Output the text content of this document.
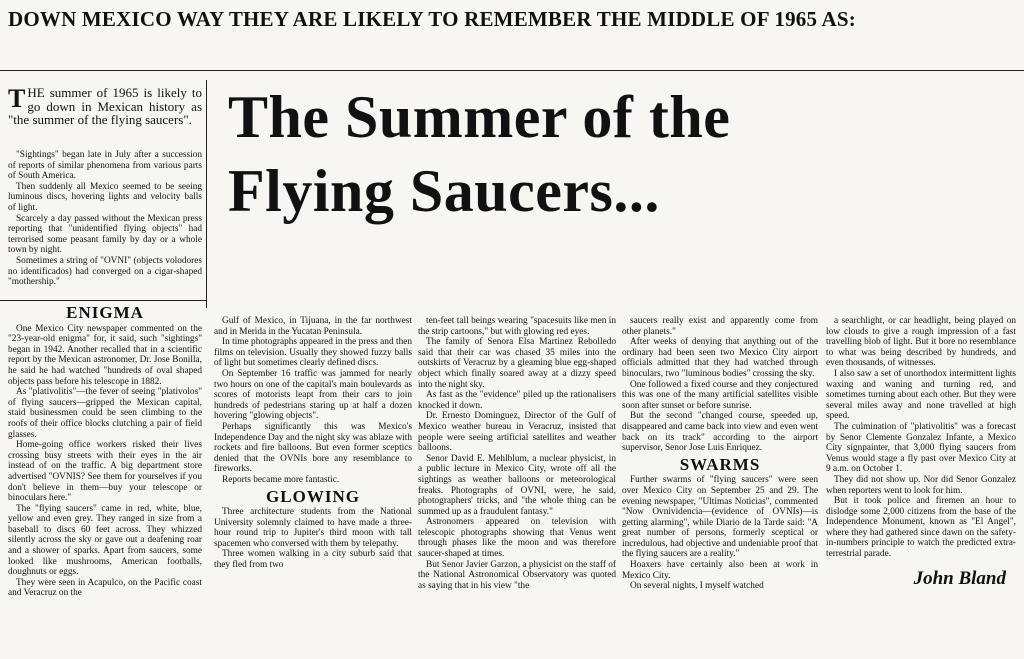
DOWN MEXICO WAY THEY ARE LIKELY TO REMEMBER THE MIDDLE OF 1965 AS:
THE summer of 1965 is likely to go down in Mexican history as "the summer of the flying saucers".

"Sightings" began late in July after a succession of reports of similar phenomena from various parts of South America.

Then suddenly all Mexico seemed to be seeing luminous discs, hovering lights and velocity balls of light.

Scarcely a day passed without the Mexican press reporting that "unidentified flying objects" had terrorised some peasant family by day or a whole town by night.

Sometimes a string of "OVNI" (objects volodores no identificados) had converged on a cigar-shaped "mothership."

ENIGMA

One Mexico City newspaper commented on the "23-year-old enigma" for, it said, such "sightings" began in 1942. Another recalled that in a scientific report by the Mexican astronomer, Dr. Jose Bonilla, he said he had watched "hundreds of oval shaped objects pass before his telescope in 1882.

As "plativolitis"—the fever of seeing "plativolos" of flying saucers—gripped the Mexican capital, staid businessmen could be seen climbing to the roofs of their office blocks clutching a pair of field glasses.

Home-going office workers risked their lives crossing busy streets with their eyes in the air instead of on the traffic. A big department store advertised "OVNIS? See them for yourselves if you don't believe in them—buy your telescope or binoculars here."

The "flying saucers" came in red, white, blue, yellow and even grey. They ranged in size from a baseball to discs 60 feet across. They whizzed silently across the sky or gave out a deafening roar and a shower of sparks. Apart from saucers, some looked like mushrooms, American footballs, doughnuts or eggs.

They were seen in Acapulco, on the Pacific coast and Veracruz on the

The Summer of the Flying Saucers...

Gulf of Mexico, in Tijuana, in the far northwest and in Merida in the Yucatan Peninsula.

In time photographs appeared in the press and then films on television. Usually they showed fuzzy balls of light but sometimes clearly defined discs.

On September 16 traffic was jammed for nearly two hours on one of the capital's main boulevards as scores of motorists leapt from their cars to join hundreds of pedestrians staring up at half a dozen hovering "glowing objects".

Perhaps significantly this was Mexico's Independence Day and the night sky was ablaze with rockets and fire balloons. But even former sceptics denied that the OVNIs bore any resemblance to fireworks.

Reports became more fantastic.

GLOWING

Three architecture students from the National University solemnly claimed to have made a three-hour round trip to Jupiter's third moon with tall spacemen who conversed with them by telepathy.

Three women walking in a city suburb said that they fled from two

ten-feet tall beings wearing "spacesuits like men in the strip cartoons," but with glowing red eyes.

The family of Senora Elsa Martinez Rebolledo said that their car was chased 35 miles into the outskirts of Veracruz by a gleaming blue egg-shaped object which finally soared away at a dizzy speed into the night sky.

As fast as the "evidence" piled up the rationalisers knocked it down.

Dr. Ernesto Dominguez, Director of the Gulf of Mexico weather bureau in Veracruz, insisted that people were seeing artificial satellites and weather balloons.

Senor David E. Mehlblum, a nuclear physicist, in a public lecture in Mexico City, wrote off all the sightings as weather balloons or meteorological freaks. Photographs of OVNI, were, he said, photographers' tricks, and "the whole thing can be summed up as a fraudulent fantasy."

Astronomers appeared on television with telescopic photographs showing that Venus went through phases like the moon and was therefore saucer-shaped at times.

But Senor Javier Garzon, a physicist on the staff of the National Astronomical Observatory was quoted as saying that in his view "the

saucers really exist and apparently come from other planets."

After weeks of denying that anything out of the ordinary had been seen two Mexico City airport officials admitted that they had watched through binoculars, two "luminous bodies" crossing the sky.

One followed a fixed course and they conjectured this was one of the many artificial satellites visible soon after sunset or before sunrise.

But the second "changed course, speeded up, disappeared and came back into view and even went back on its track" according to the airport supervisor, Senor Jose Luis Enriquez.

SWARMS

Further swarms of "flying saucers" were seen over Mexico City on September 25 and 29. The evening newspaper, "Ultimas Noticias", commented "Now Ovnividencia—(evidence of OVNIs)—is getting alarming", while Diario de la Tarde said: "A great number of persons, formerly sceptical or incredulous, had objective and undeniable proof that the flying saucers are a reality."

Hoaxers have certainly also been at work in Mexico City.

On several nights, I myself watched

a searchlight, or car headlight, being played on low clouds to give a rough impression of a fast travelling blob of light. But it bore no resemblance to what was being described by hundreds, and even thousands, of witnesses.

I also saw a set of unorthodox intermittent lights waxing and waning and turning red, and sometimes turning about each other. But they were several miles away and none travelled at high speed.

The culmination of "plativolitis" was a forecast by Senor Clemente Gonzalez Infante, a Mexico City signpainter, that 3,000 flying saucers from Venus would stage a fly past over Mexico City at 9 a.m. on October 1.

They did not show up. Nor did Senor Gonzalez when reporters went to look for him.

But it took police and firemen an hour to dislodge some 2,000 citizens from the base of the Independence Monument, known as "El Angel", where they had gathered since dawn on the safety-in-numbers principle to watch the predicted extra-terrestrial parade.

John Bland
